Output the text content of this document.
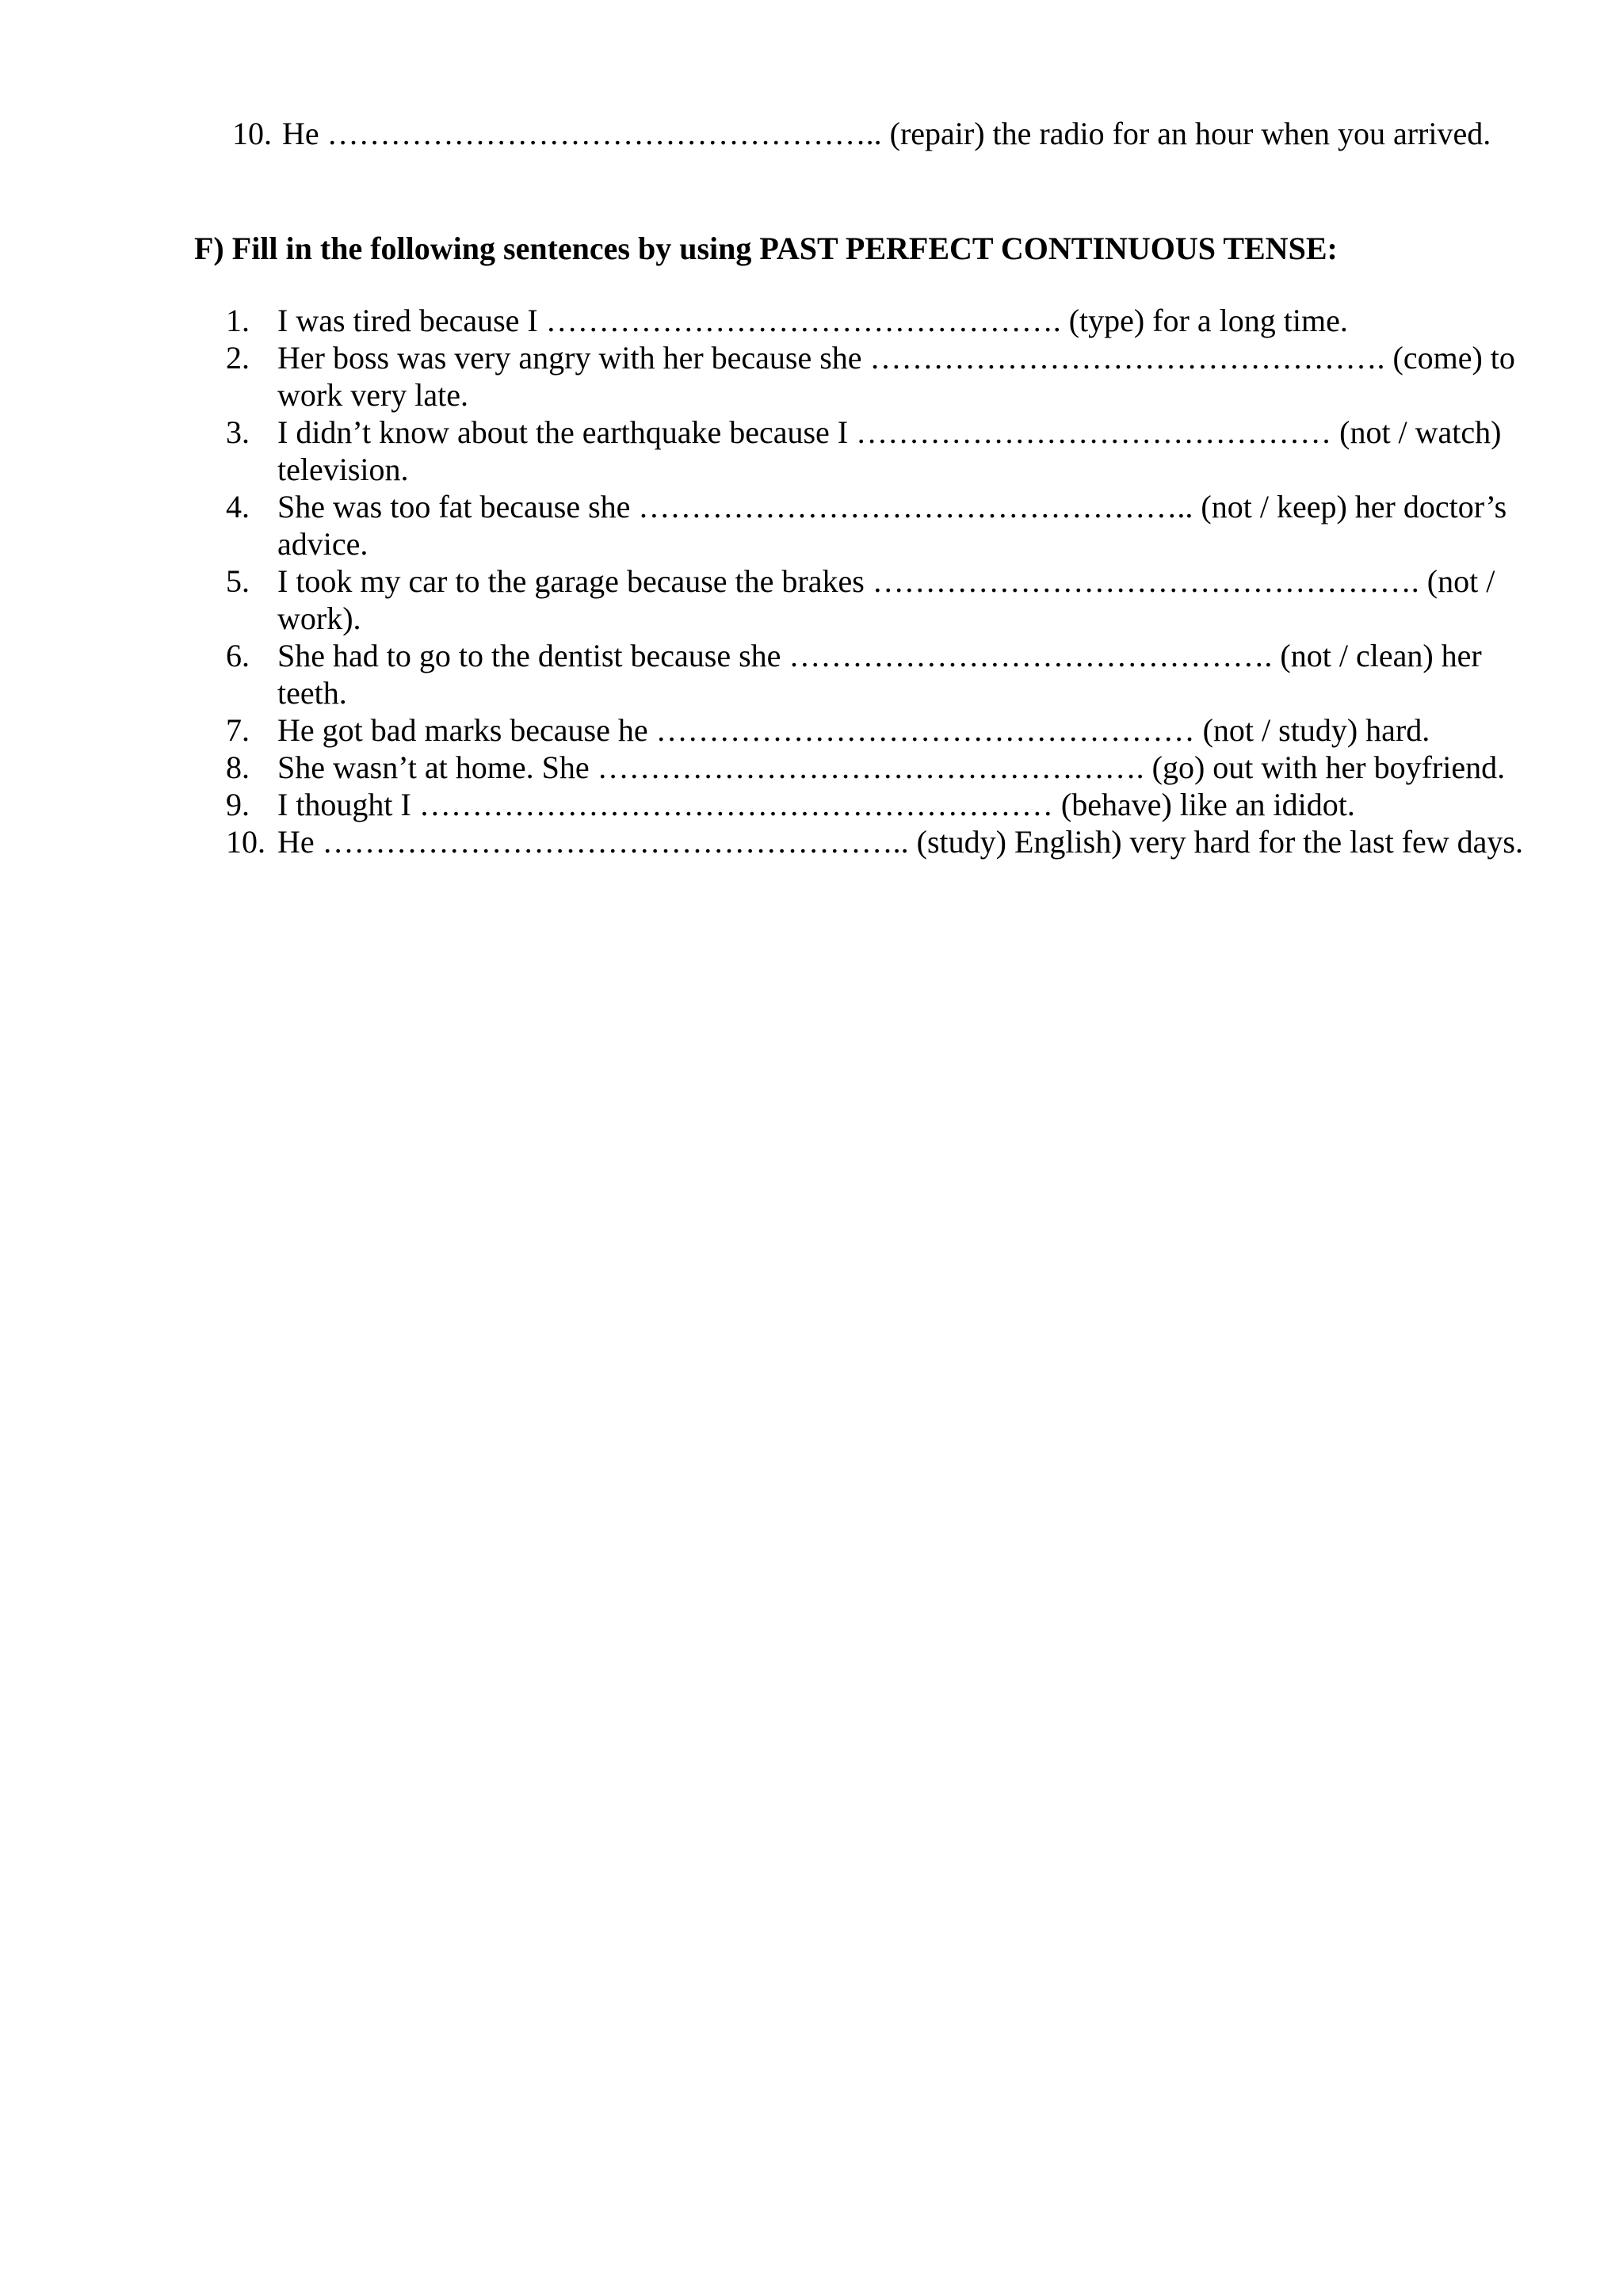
10. He …………………………………………….. (repair) the radio for an hour when you arrived.
F) Fill in the following sentences by using PAST PERFECT CONTINUOUS TENSE:
1. I was tired because I …………………………………………. (type) for a long time.
2. Her boss was very angry with her because she …………………………………………. (come) to work very late.
3. I didn’t know about the earthquake because I ……………………………………… (not / watch) television.
4. She was too fat because she …………………………………………….. (not / keep) her doctor’s advice.
5. I took my car to the garage because the brakes ……………………………………………. (not / work).
6. She had to go to the dentist because she ………………………………………. (not / clean) her teeth.
7. He got bad marks because he …………………………………………… (not / study) hard.
8. She wasn’t at home. She ……………………………………………. (go) out with her boyfriend.
9. I thought I …………………………………………………… (behave) like an ididot.
10. He ……………………………………………….. (study) English) very hard for the last few days.
